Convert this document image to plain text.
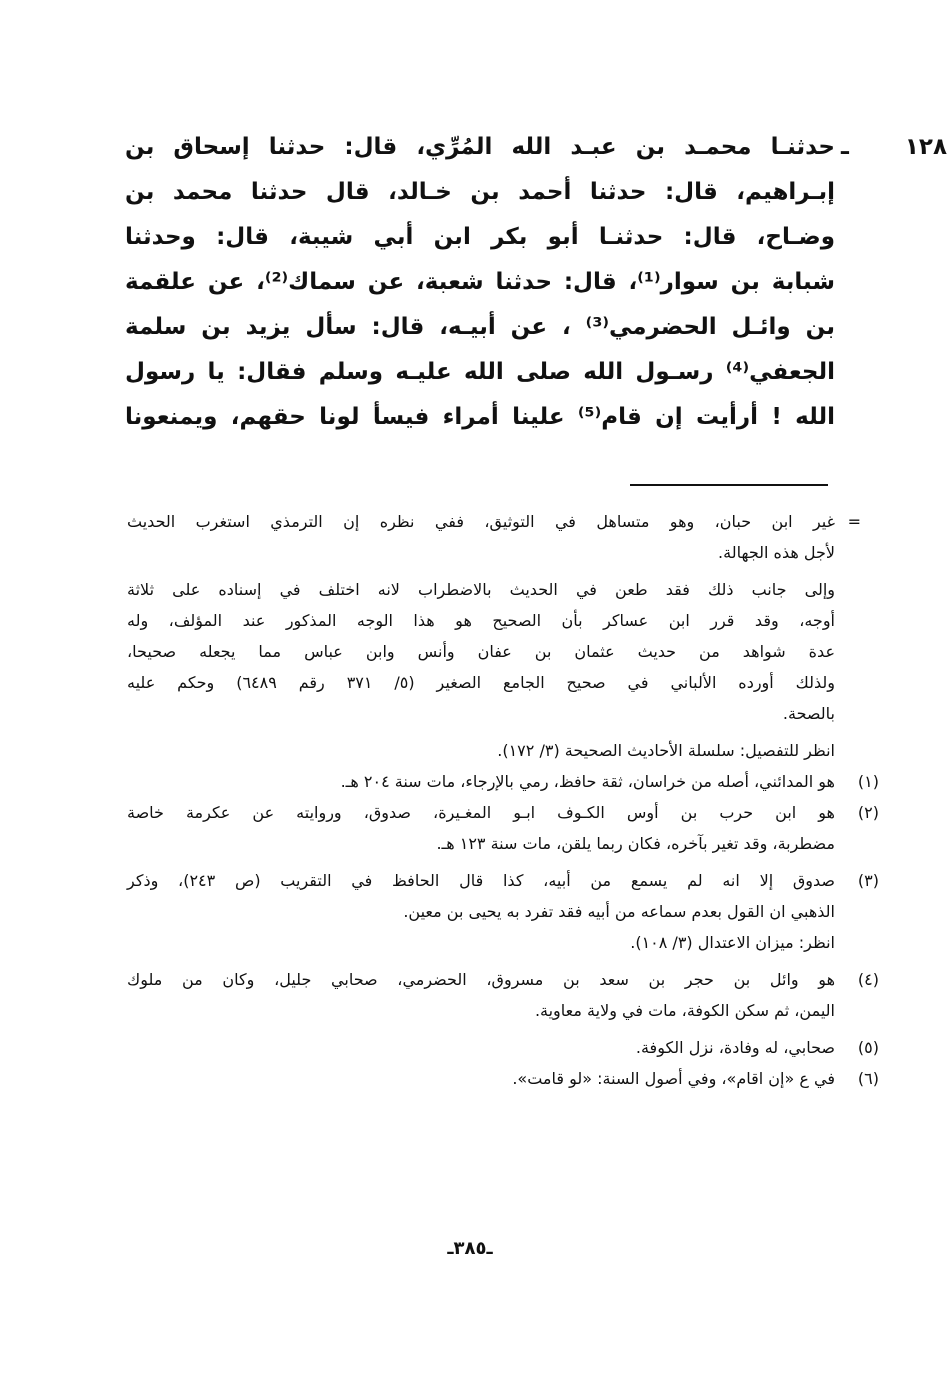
١٢٨ ـ
حدثنـا محمـد بن عبـد الله المُرِّي، قال: حدثنا إسحاق بن
إبـراهيم، قال: حدثنا أحمد بن خـالد، قال حدثنا محمد بن
وضـاح، قال: حدثنـا أبو بكر ابن أبي شيبة، قال: وحدثنا
شبابة بن سوار⁽¹⁾، قال: حدثنا شعبة، عن سماك⁽²⁾، عن علقمة
بن وائـل الحضرمي⁽³⁾ ، عن أبيـه، قال: سأل يزيد بن سلمة
الجعفي⁽⁴⁾ رسـول الله صلى الله عليـه وسلم فقال: يا رسول
الله ! أرأيت إن قام⁽⁵⁾ علينا أمراء فيسأ لونا حقهم، ويمنعونا
=
غير ابن حبان، وهو متساهل في التوثيق، ففي نظره إن الترمذي استغرب الحديث
لأجل هذه الجهالة.
وإلى جانب ذلك فقد طعن في الحديث بالاضطراب لانه اختلف في إسناده على ثلاثة
أوجه، وقد قرر ابن عساكر بأن الصحيح هو هذا الوجه المذكور عند المؤلف، وله
عدة شواهد من حديث عثمان بن عفان وأنس وابن عباس مما يجعله صحيحا،
ولذلك أورده الألباني في صحيح الجامع الصغير (٥/ ٣٧١ رقم ٦٤٨٩) وحكم عليه
بالصحة.
انظر للتفصيل: سلسلة الأحاديث الصحيحة (٣/ ١٧٢).
(١)
هو المدائني، أصله من خراسان، ثقة حافظ، رمي بالإرجاء، مات سنة ٢٠٤ هـ.
(٢)
هو ابن حرب بن أوس الكـوف ابـو المغـيرة، صدوق، وروايته عن عكرمة خاصة
مضطربة، وقد تغير بآخره، فكان ربما يلقن، مات سنة ١٢٣ هـ.
(٣)
صدوق إلا انه لم يسمع من أبيه، كذا قال الحافظ في التقريب (ص ٢٤٣)، وذكر
الذهبي ان القول بعدم سماعه من أبيه فقد تفرد به يحيى بن معين.
انظر: ميزان الاعتدال (٣/ ١٠٨).
(٤)
هو وائل بن حجر بن سعد بن مسروق، الحضرمي، صحابي جليل، وكان من ملوك
اليمن، ثم سكن الكوفة، مات في ولاية معاوية.
(٥)
صحابي، له وفادة، نزل الكوفة.
(٦)
في ع «إن اقام»، وفي أصول السنة: «لو قامت».
ـ٣٨٥ـ
